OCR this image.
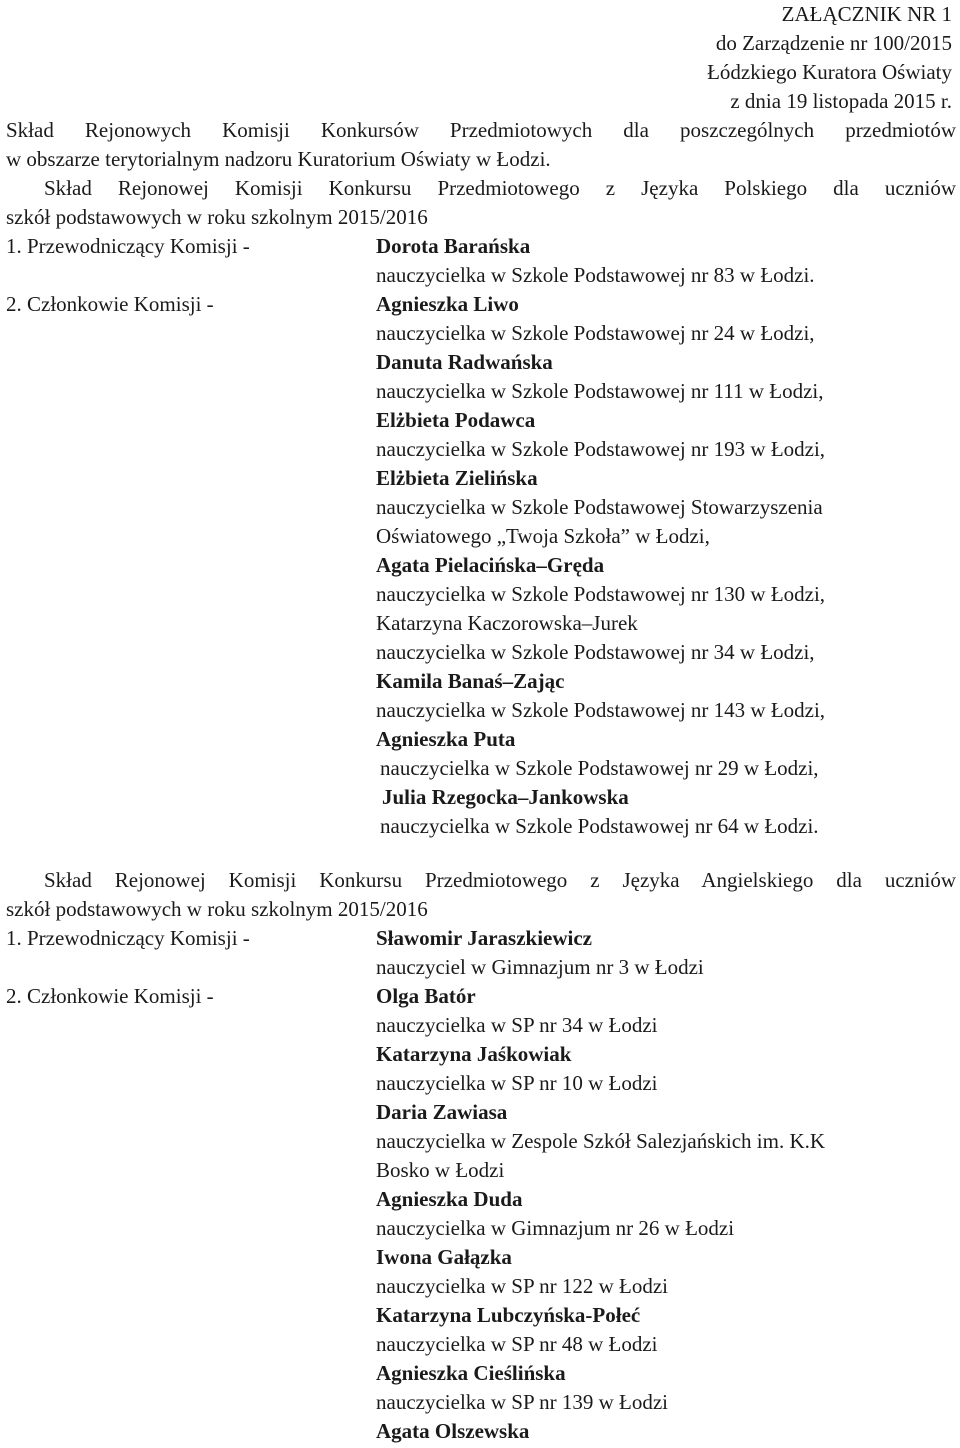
ZAŁĄCZNIK NR 1
do Zarządzenie nr 100/2015
Łódzkiego Kuratora Oświaty
z dnia 19 listopada 2015 r.
Skład Rejonowych Komisji Konkursów Przedmiotowych dla poszczególnych przedmiotów
w obszarze terytorialnym nadzoru Kuratorium Oświaty w Łodzi.
Skład Rejonowej Komisji Konkursu Przedmiotowego z Języka Polskiego dla uczniów
szkół podstawowych w roku szkolnym 2015/2016
1. Przewodniczący Komisji -	Dorota Barańska
nauczycielka w Szkole Podstawowej nr 83 w Łodzi.
2. Członkowie Komisji -	Agnieszka Liwo
nauczycielka w Szkole Podstawowej nr 24 w Łodzi,
Danuta Radwańska
nauczycielka w Szkole Podstawowej nr 111 w Łodzi,
Elżbieta Podawca
nauczycielka w Szkole Podstawowej nr 193 w Łodzi,
Elżbieta Zielińska
nauczycielka w Szkole Podstawowej Stowarzyszenia
Oświatowego „Twoja Szkoła” w Łodzi,
Agata Pielacińska–Gręda
nauczycielka w Szkole Podstawowej nr 130 w Łodzi,
Katarzyna Kaczorowska–Jurek
nauczycielka w Szkole Podstawowej nr 34 w Łodzi,
Kamila Banaś–Zając
nauczycielka w Szkole Podstawowej nr 143 w Łodzi,
Agnieszka Puta
nauczycielka w Szkole Podstawowej nr 29 w Łodzi,
Julia Rzegocka–Jankowska
nauczycielka w Szkole Podstawowej nr 64 w Łodzi.
Skład Rejonowej Komisji Konkursu Przedmiotowego z Języka Angielskiego dla uczniów
szkół podstawowych w roku szkolnym 2015/2016
1. Przewodniczący Komisji -	Sławomir Jaraszkiewicz
nauczyciel w Gimnazjum nr 3 w Łodzi
2. Członkowie Komisji -	Olga Batór
nauczycielka w SP nr 34 w Łodzi
Katarzyna Jaśkowiak
nauczycielka w SP nr 10 w Łodzi
Daria Zawiasa
nauczycielka w Zespole Szkół Salezjańskich im. K.K
Bosko w Łodzi
Agnieszka Duda
nauczycielka w Gimnazjum nr 26 w Łodzi
Iwona Gałązka
nauczycielka w SP nr 122 w Łodzi
Katarzyna Lubczyńska-Połeć
nauczycielka w SP nr 48 w Łodzi
Agnieszka Cieślińska
nauczycielka w SP nr 139 w Łodzi
Agata Olszewska
